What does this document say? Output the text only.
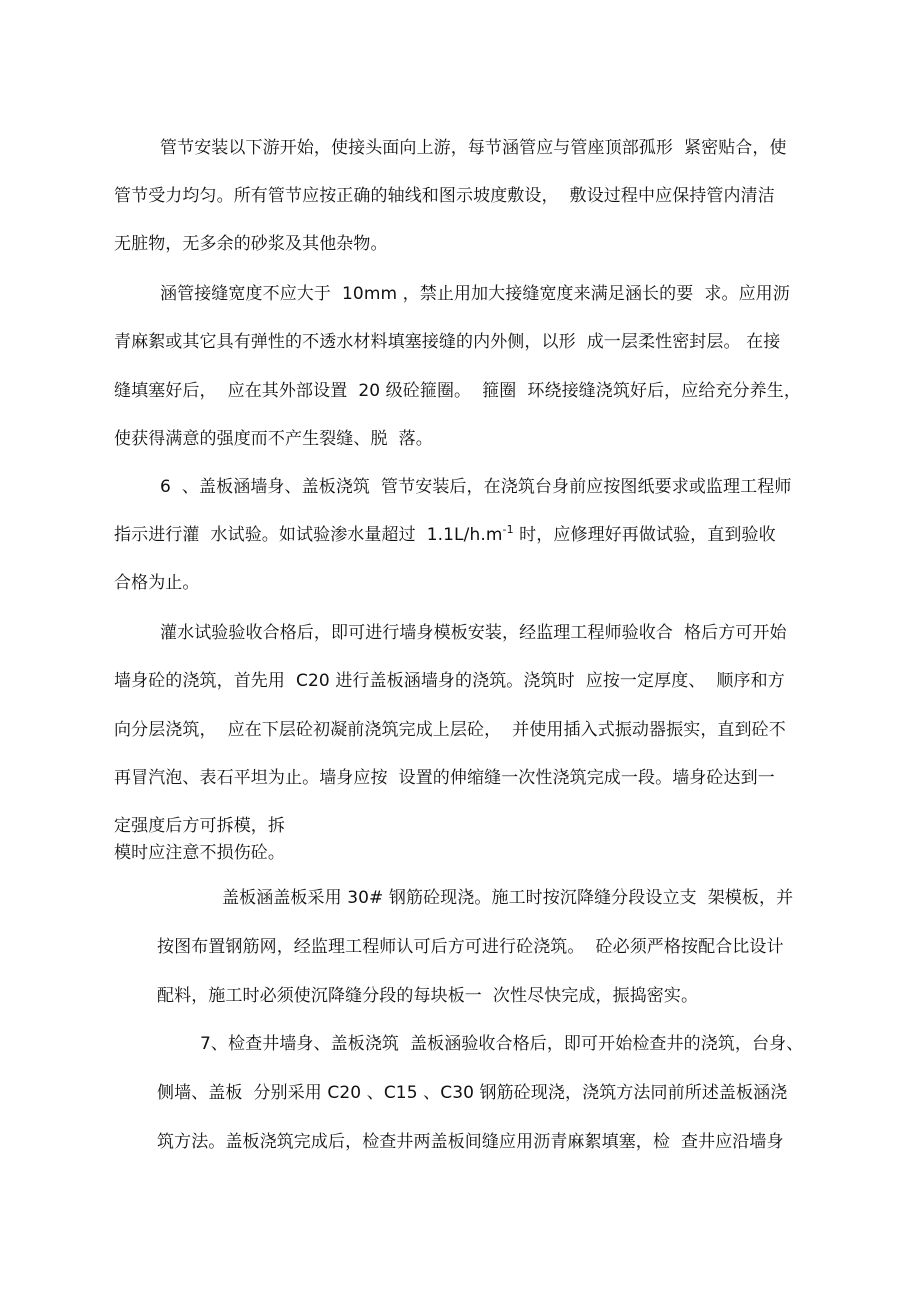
管节安装以下游开始，使接头面向上游，每节涵管应与管座顶部孤形  紧密贴合，使
管节受力均匀。所有管节应按正确的轴线和图示坡度敷设，  敷设过程中应保持管内清洁
无脏物，无多余的砂浆及其他杂物。
涵管接缝宽度不应大于  10mm ，禁止用加大接缝宽度来满足涵长的要  求。应用沥
青麻絮或其它具有弹性的不透水材料填塞接缝的内外侧，以形  成一层柔性密封层。 在接
缝填塞好后，  应在其外部设置  20 级砼箍圈。  箍圈  环绕接缝浇筑好后，应给充分养生，
使获得满意的强度而不产生裂缝、脱  落。
6  、盖板涵墙身、盖板浇筑  管节安装后，在浇筑台身前应按图纸要求或监理工程师
指示进行灌  水试验。如试验渗水量超过  $1.1L/h.m^{-1}$ 时，应修理好再做试验，直到验收
合格为止。
灌水试验验收合格后，即可进行墙身模板安装，经监理工程师验收合  格后方可开始
墙身砼的浇筑，首先用  C20 进行盖板涵墙身的浇筑。浇筑时  应按一定厚度、  顺序和方
向分层浇筑，  应在下层砼初凝前浇筑完成上层砼，  并使用插入式振动器振实，直到砼不
再冒汽泡、表石平坦为止。墙身应按  设置的伸缩缝一次性浇筑完成一段。墙身砼达到一
定强度后方可拆模，拆
模时应注意不损伤砼。
盖板涵盖板采用 30# 钢筋砼现浇。施工时按沉降缝分段设立支  架模板，并
按图布置钢筋网，经监理工程师认可后方可进行砼浇筑。  砼必须严格按配合比设计
配料，施工时必须使沉降缝分段的每块板一  次性尽快完成，振捣密实。
7、检查井墙身、盖板浇筑  盖板涵验收合格后，即可开始检查井的浇筑，台身、
侧墙、盖板  分别采用 C20 、C15 、C30 钢筋砼现浇，浇筑方法同前所述盖板涵浇
筑方法。盖板浇筑完成后，检查井两盖板间缝应用沥青麻絮填塞，检  查井应沿墙身
